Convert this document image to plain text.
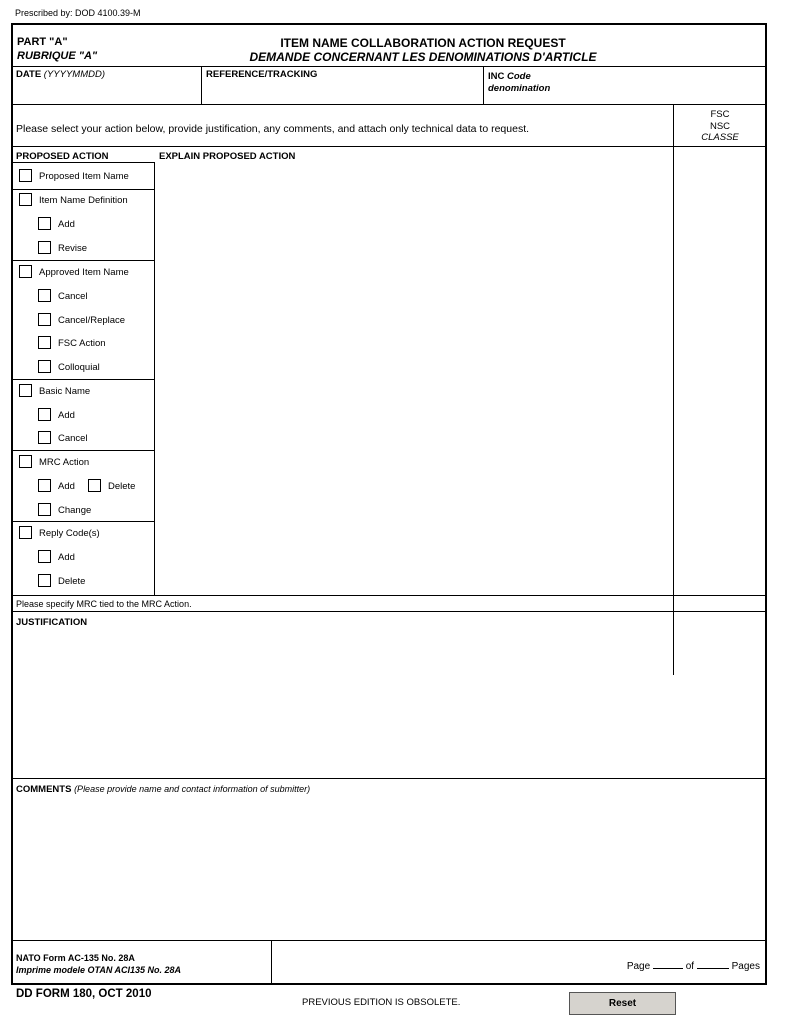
Prescribed by: DOD 4100.39-M
PART "A"
RUBRIQUE "A"
ITEM NAME COLLABORATION ACTION REQUEST
DEMANDE CONCERNANT LES DENOMINATIONS D'ARTICLE
DATE (YYYYMMDD)	REFERENCE/TRACKING	INC Code
denomination
Please select your action below, provide justification, any comments, and attach only technical data to request.
FSC
NSC
CLASSE
PROPOSED ACTION	EXPLAIN PROPOSED ACTION
Proposed Item Name
Item Name Definition
Add
Revise
Approved Item Name
Cancel
Cancel/Replace
FSC Action
Colloquial
Basic Name
Add
Cancel
MRC Action
Add	Delete
Change
Reply Code(s)
Add
Delete
Please specify MRC tied to the MRC Action.
JUSTIFICATION
COMMENTS (Please provide name and contact information of submitter)
NATO Form AC-135 No. 28A
Imprime modele OTAN ACI135 No. 28A	Page	of	Pages
DD FORM 180, OCT 2010
PREVIOUS EDITION IS OBSOLETE.	Reset
